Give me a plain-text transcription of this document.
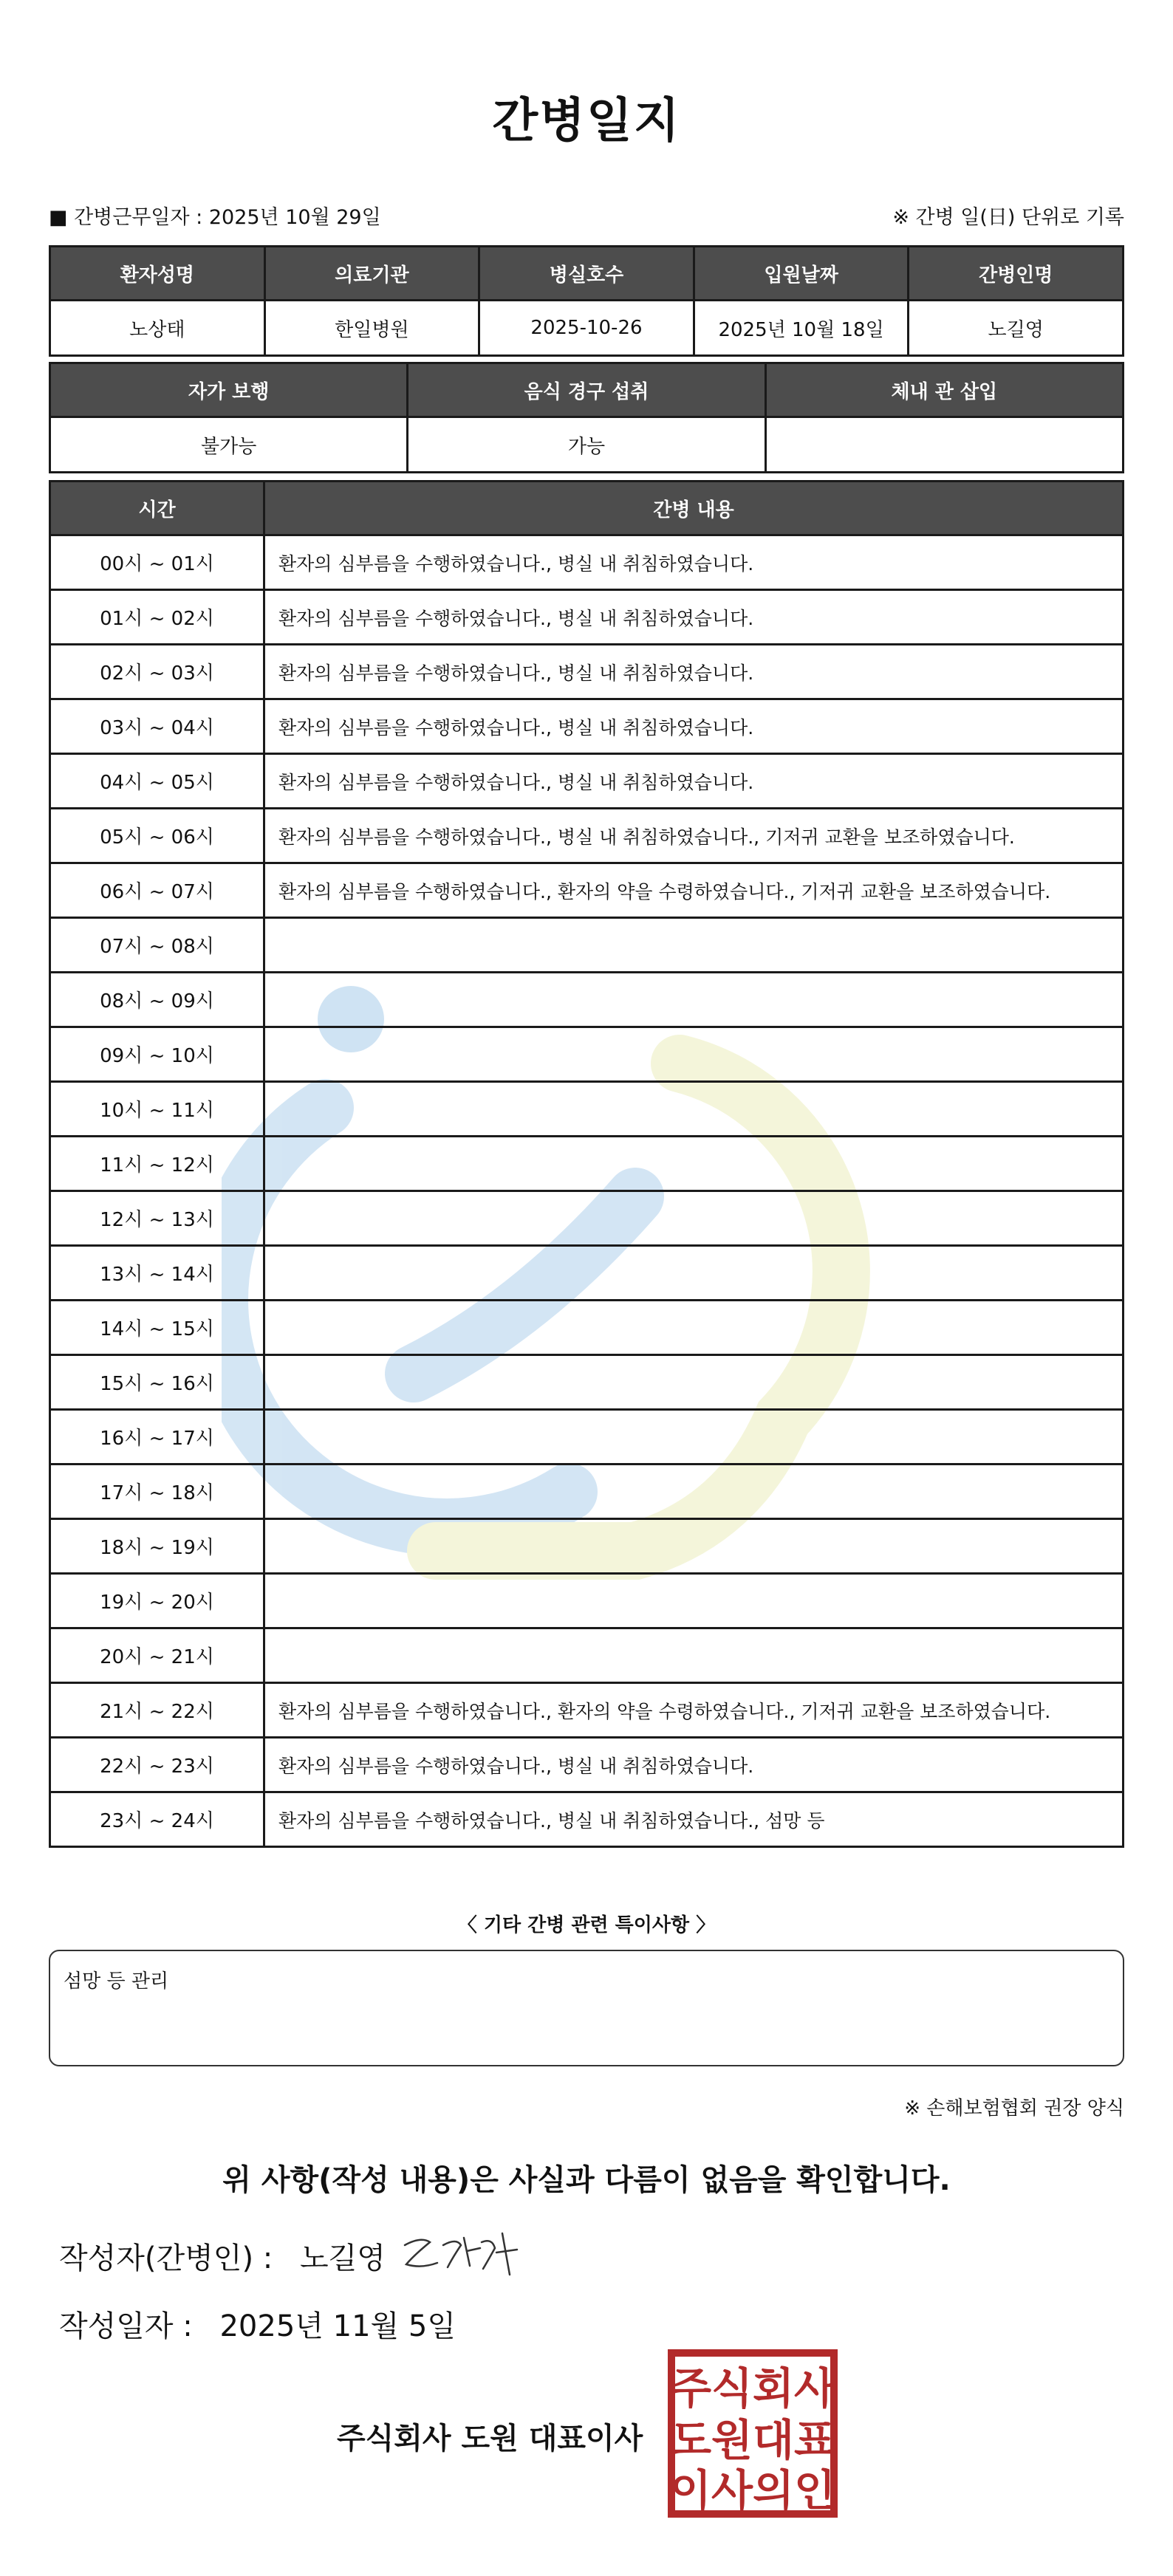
간병일지
■ 간병근무일자 : 2025년 10월 29일	※ 간병 일(日) 단위로 기록
환자성명	의료기관	병실호수	입원날짜	간병인명
노상태	한일병원	2025-10-26	2025년 10월 18일	노길영
자가 보행	음식 경구 섭취	체내 관 삽입
불가능	가능	
시간	간병 내용
00시 ~ 01시	환자의 심부름을 수행하였습니다., 병실 내 취침하였습니다.
01시 ~ 02시	환자의 심부름을 수행하였습니다., 병실 내 취침하였습니다.
02시 ~ 03시	환자의 심부름을 수행하였습니다., 병실 내 취침하였습니다.
03시 ~ 04시	환자의 심부름을 수행하였습니다., 병실 내 취침하였습니다.
04시 ~ 05시	환자의 심부름을 수행하였습니다., 병실 내 취침하였습니다.
05시 ~ 06시	환자의 심부름을 수행하였습니다., 병실 내 취침하였습니다., 기저귀 교환을 보조하였습니다.
06시 ~ 07시	환자의 심부름을 수행하였습니다., 환자의 약을 수령하였습니다., 기저귀 교환을 보조하였습니다.
07시 ~ 08시	
08시 ~ 09시	
09시 ~ 10시	
10시 ~ 11시	
11시 ~ 12시	
12시 ~ 13시	
13시 ~ 14시	
14시 ~ 15시	
15시 ~ 16시	
16시 ~ 17시	
17시 ~ 18시	
18시 ~ 19시	
19시 ~ 20시	
20시 ~ 21시	
21시 ~ 22시	환자의 심부름을 수행하였습니다., 환자의 약을 수령하였습니다., 기저귀 교환을 보조하였습니다.
22시 ~ 23시	환자의 심부름을 수행하였습니다., 병실 내 취침하였습니다.
23시 ~ 24시	환자의 심부름을 수행하였습니다., 병실 내 취침하였습니다., 섬망 등
〈 기타 간병 관련 특이사항 〉
섬망 등 관리
※ 손해보험협회 권장 양식
위 사항(작성 내용)은 사실과 다름이 없음을 확인합니다.
작성자(간병인) : 노길영
작성일자 : 2025년 11월 5일
주식회사 도원 대표이사
주식회사
도원대표
이사의인
